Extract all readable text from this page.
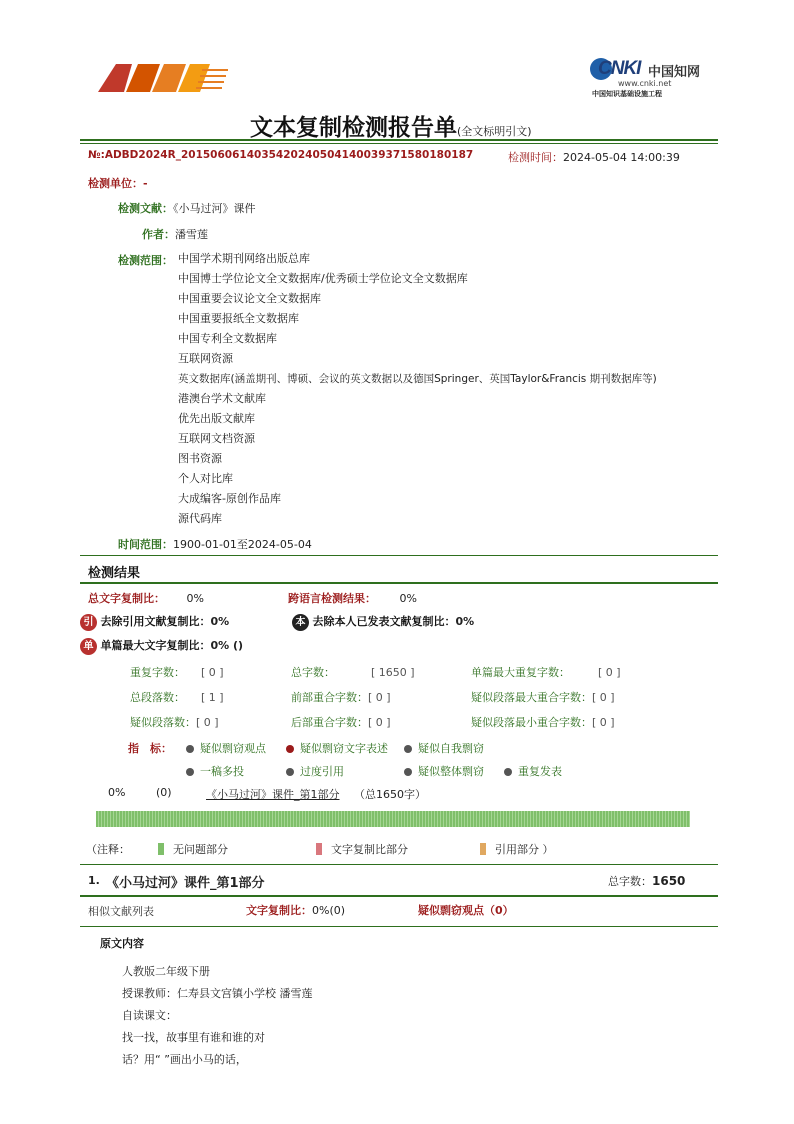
CNKI 中国知网
www.cnki.net
中国知识基础设施工程
文本复制检测报告单(全文标明引文)
№:ADBD2024R_20150606140354202405041400393715801801​87	检测时间：2024-05-04 14:00:39
检测单位：-
检测文献：《小马过河》课件
作者：潘雪莲
检测范围： 中国学术期刊网络出版总库
中国博士学位论文全文数据库/优秀硕士学位论文全文数据库
中国重要会议论文全文数据库
中国重要报纸全文数据库
中国专利全文数据库
互联网资源
英文数据库(涵盖期刊、博硕、会议的英文数据以及德国Springer、英国Taylor&Francis 期刊数据库等)
港澳台学术文献库
优先出版文献库
互联网文档资源
图书资源
个人对比库
大成编客-原创作品库
源代码库
时间范围：1900-01-01至2024-05-04
检测结果
总文字复制比： 0%	跨语言检测结果： 0%
引 去除引用文献复制比：0%	本 去除本人已发表文献复制比：0%
单 单篇最大文字复制比：0% ()
重复字数： [ 0 ]	总字数：	[ 1650 ]	单篇最大重复字数：	[ 0 ]
总段落数： [ 1 ]	前部重合字数：[ 0 ]	疑似段落最大重合字数：[ 0 ]
疑似段落数：[ 0 ]	后部重合字数：[ 0 ]	疑似段落最小重合字数：[ 0 ]
指　标：	疑似剽窃观点	疑似剽窃文字表述	疑似自我剽窃
一稿多投	过度引用	疑似整体剽窃	重复发表
0%	(0)	《小马过河》课件_第1部分 （总1650字）
（注释：	无问题部分	文字复制比部分	引用部分 ）
1. 《小马过河》课件_第1部分	总字数：1650
相似文献列表	文字复制比：0%(0)	疑似剽窃观点（0）
原文内容
人教版二年级下册
授课教师：仁寿县文宫镇小学校 潘雪莲
自读课文：
找一找，故事里有谁和谁的对
话？用“ ”画出小马的话，
